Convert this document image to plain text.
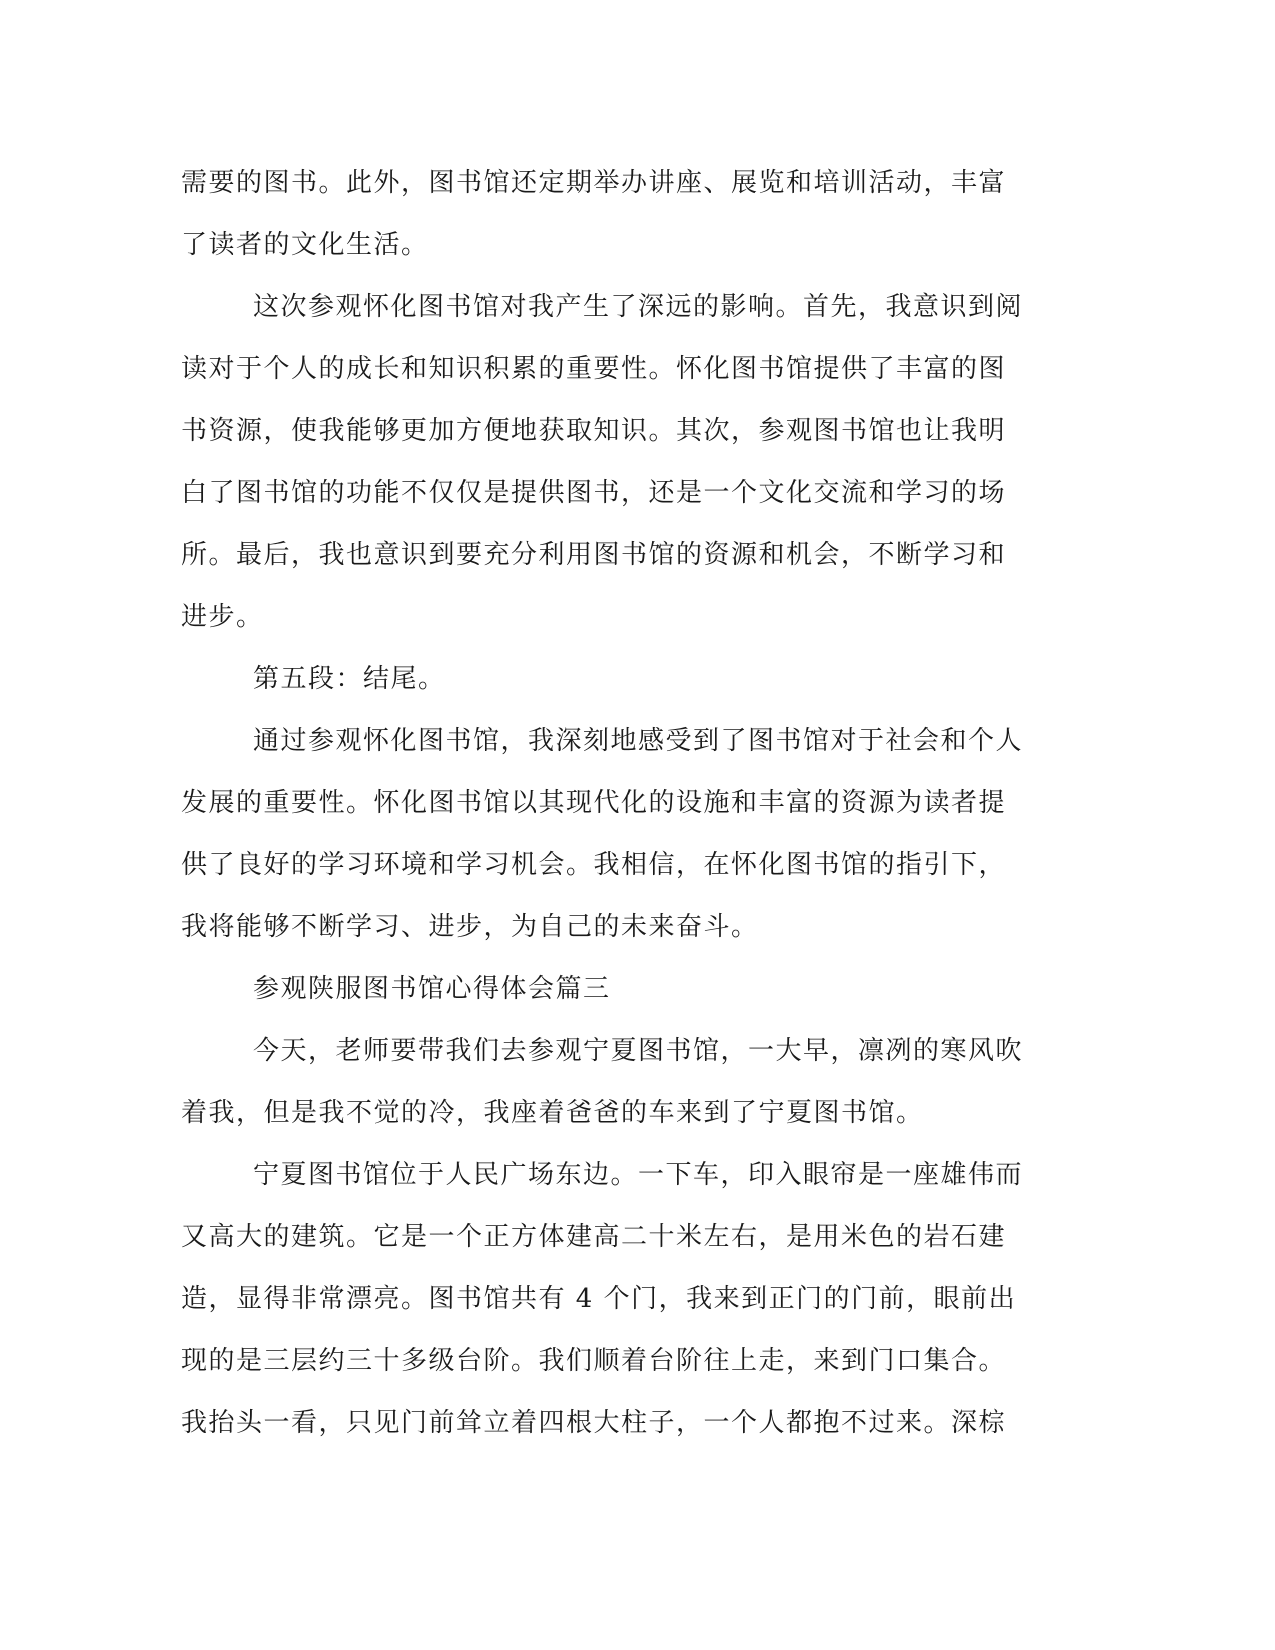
需要的图书。此外，图书馆还定期举办讲座、展览和培训活动，丰富
了读者的文化生活。
这次参观怀化图书馆对我产生了深远的影响。首先，我意识到阅
读对于个人的成长和知识积累的重要性。怀化图书馆提供了丰富的图
书资源，使我能够更加方便地获取知识。其次，参观图书馆也让我明
白了图书馆的功能不仅仅是提供图书，还是一个文化交流和学习的场
所。最后，我也意识到要充分利用图书馆的资源和机会，不断学习和
进步。
第五段：结尾。
通过参观怀化图书馆，我深刻地感受到了图书馆对于社会和个人
发展的重要性。怀化图书馆以其现代化的设施和丰富的资源为读者提
供了良好的学习环境和学习机会。我相信，在怀化图书馆的指引下，
我将能够不断学习、进步，为自己的未来奋斗。
参观陕服图书馆心得体会篇三
今天，老师要带我们去参观宁夏图书馆，一大早，凛冽的寒风吹
着我，但是我不觉的冷，我座着爸爸的车来到了宁夏图书馆。
宁夏图书馆位于人民广场东边。一下车，印入眼帘是一座雄伟而
又高大的建筑。它是一个正方体建高二十米左右，是用米色的岩石建
造，显得非常漂亮。图书馆共有 4 个门，我来到正门的门前，眼前出
现的是三层约三十多级台阶。我们顺着台阶往上走，来到门口集合。
我抬头一看，只见门前耸立着四根大柱子，一个人都抱不过来。深棕
